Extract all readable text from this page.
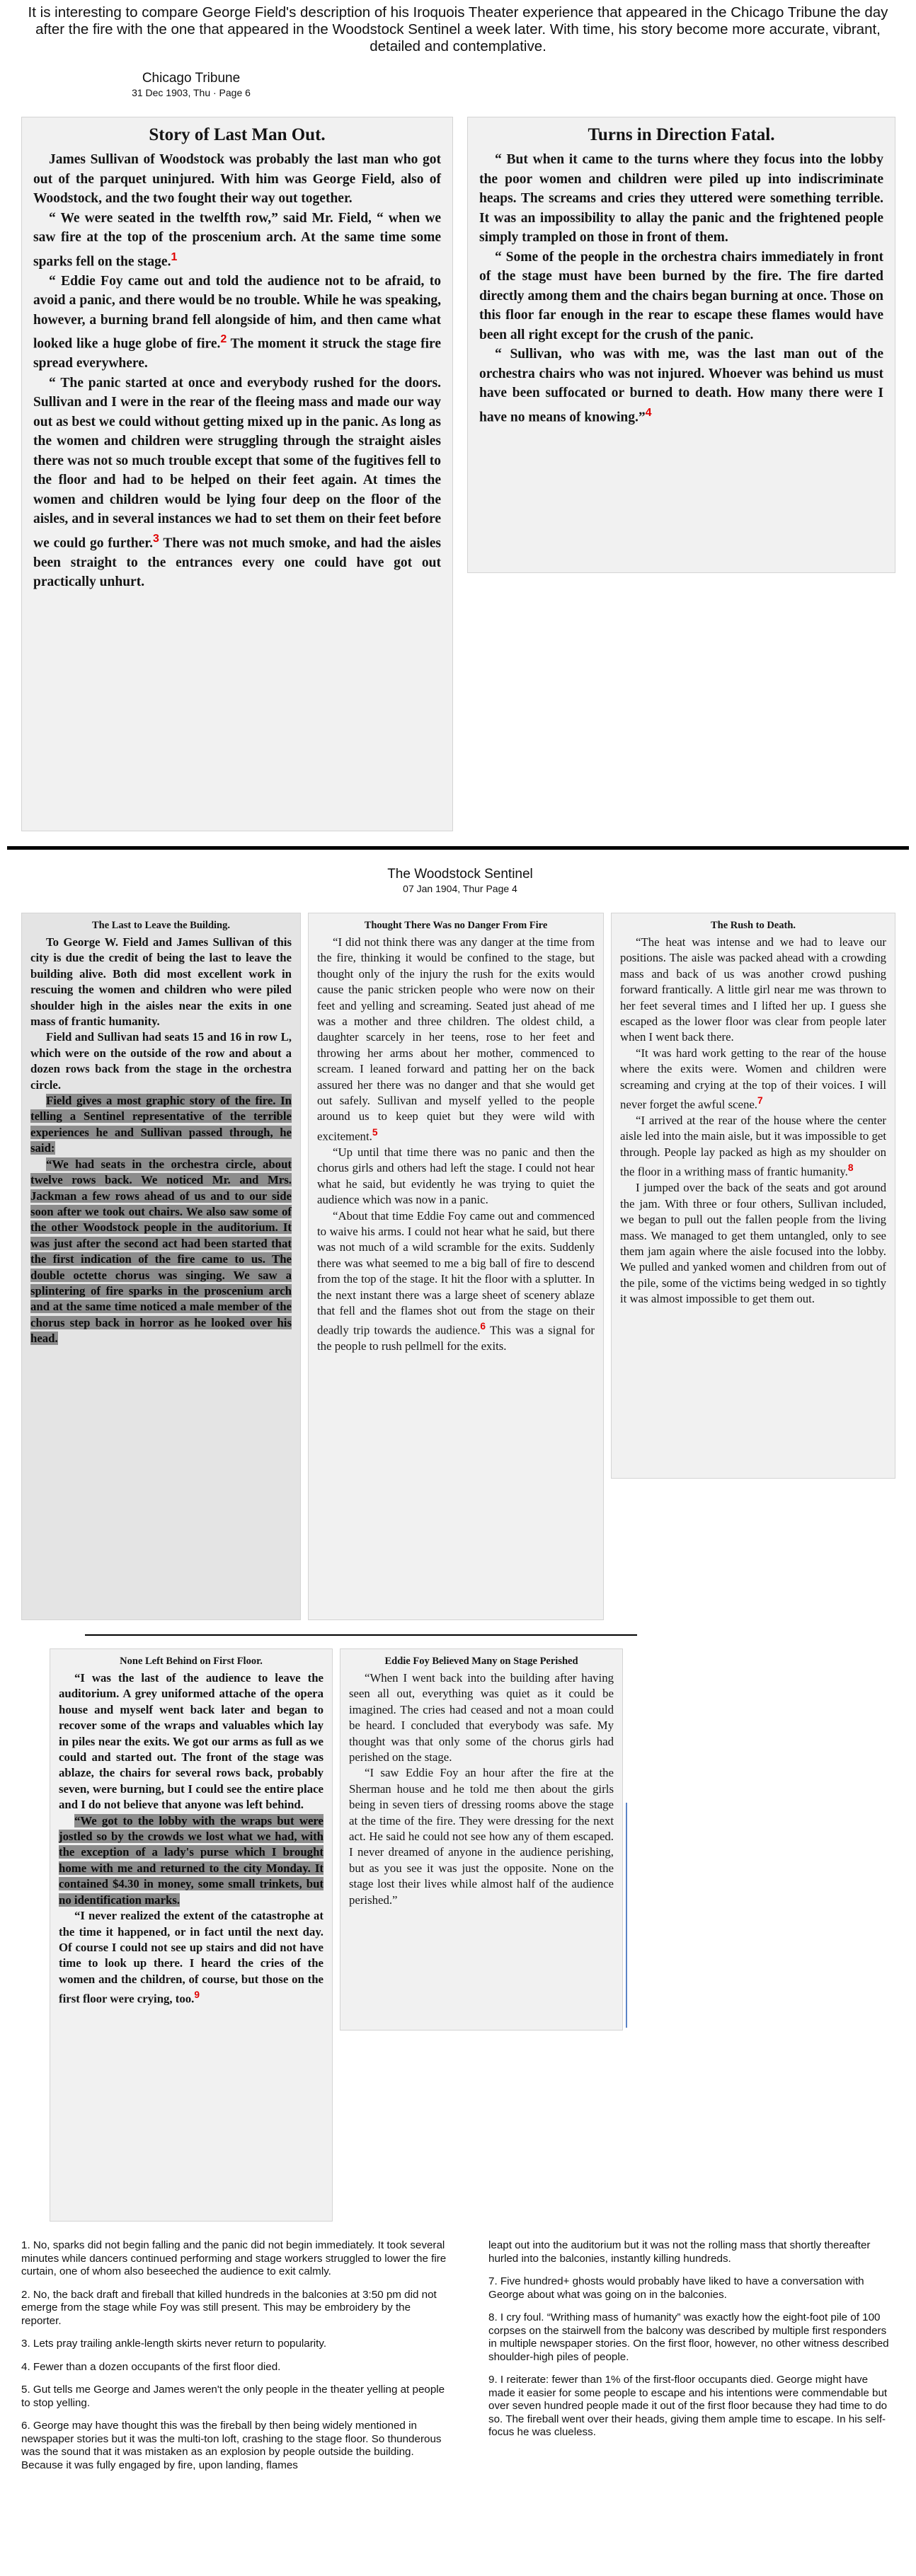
It is interesting to compare George Field's description of his Iroquois Theater experience that appeared in the Chicago Tribune the day after the fire with the one that appeared in the Woodstock Sentinel a week later. With time, his story become more accurate, vibrant, detailed and contemplative.
Chicago Tribune
31 Dec 1903, Thu · Page 6
Story of Last Man Out.

James Sullivan of Woodstock was probably the last man who got out of the parquet uninjured. With him was George Field, also of Woodstock, and the two fought their way out together.

“ We were seated in the twelfth row,” said Mr. Field, “ when we saw fire at the top of the proscenium arch. At the same time some sparks fell on the stage.$^1$

“ Eddie Foy came out and told the audience not to be afraid, to avoid a panic, and there would be no trouble. While he was speaking, however, a burning brand fell alongside of him, and then came what looked like a huge globe of fire.$^2$ The moment it struck the stage fire spread everywhere.

“ The panic started at once and everybody rushed for the doors. Sullivan and I were in the rear of the fleeing mass and made our way out as best we could without getting mixed up in the panic. As long as the women and children were struggling through the straight aisles there was not so much trouble except that some of the fugitives fell to the floor and had to be helped on their feet again. At times the women and children would be lying four deep on the floor of the aisles, and in several instances we had to set them on their feet before we could go further.$^3$ There was not much smoke, and had the aisles been straight to the entrances every one could have got out practically unhurt.

Turns in Direction Fatal.

“ But when it came to the turns where they focus into the lobby the poor women and children were piled up into indiscriminate heaps. The screams and cries they uttered were something terrible. It was an impossibility to allay the panic and the frightened people simply trampled on those in front of them.

“ Some of the people in the orchestra chairs immediately in front of the stage must have been burned by the fire. The fire darted directly among them and the chairs began burning at once. Those on this floor far enough in the rear to escape these flames would have been all right except for the crush of the panic.

“ Sullivan, who was with me, was the last man out of the orchestra chairs who was not injured. Whoever was behind us must have been suffocated or burned to death. How many there were I have no means of knowing.”$^4$

The Woodstock Sentinel
07 Jan 1904, Thur Page 4
The Last to Leave the Building.

To George W. Field and James Sullivan of this city is due the credit of being the last to leave the building alive. Both did most excellent work in rescuing the women and children who were piled shoulder high in the aisles near the exits in one mass of frantic humanity.

Field and Sullivan had seats 15 and 16 in row L, which were on the outside of the row and about a dozen rows back from the stage in the orchestra circle.

Field gives a most graphic story of the fire. In telling a Sentinel representative of the terrible experiences he and Sullivan passed through, he said:

“We had seats in the orchestra circle, about twelve rows back. We noticed Mr. and Mrs. Jackman a few rows ahead of us and to our side soon after we took out chairs. We also saw some of the other Woodstock people in the auditorium. It was just after the second act had been started that the first indication of the fire came to us. The double octette chorus was singing. We saw a splintering of fire sparks in the proscenium arch and at the same time noticed a male member of the chorus step back in horror as he looked over his head.

Thought There Was no Danger From Fire

“I did not think there was any danger at the time from the fire, thinking it would be confined to the stage, but thought only of the injury the rush for the exits would cause the panic stricken people who were now on their feet and yelling and screaming. Seated just ahead of me was a mother and three children. The oldest child, a daughter scarcely in her teens, rose to her feet and throwing her arms about her mother, commenced to scream. I leaned forward and patting her on the back assured her there was no danger and that she would get out safely. Sullivan and myself yelled to the people around us to keep quiet but they were wild with excitement.$^5$

“Up until that time there was no panic and then the chorus girls and others had left the stage. I could not hear what he said, but evidently he was trying to quiet the audience which was now in a panic.

“About that time Eddie Foy came out and commenced to waive his arms. I could not hear what he said, but there was not much of a wild scramble for the exits. Suddenly there was what seemed to me a big ball of fire to descend from the top of the stage. It hit the floor with a splutter. In the next instant there was a large sheet of scenery ablaze that fell and the flames shot out from the stage on their deadly trip towards the audience.$^6$ This was a signal for the people to rush pellmell for the exits.

The Rush to Death.

“The heat was intense and we had to leave our positions. The aisle was packed ahead with a crowding mass and back of us was another crowd pushing forward frantically. A little girl near me was thrown to her feet several times and I lifted her up. I guess she escaped as the lower floor was clear from people later when I went back there.

“It was hard work getting to the rear of the house where the exits were. Women and children were screaming and crying at the top of their voices. I will never forget the awful scene.$^7$

“I arrived at the rear of the house where the center aisle led into the main aisle, but it was impossible to get through. People lay packed as high as my shoulder on the floor in a writhing mass of frantic humanity.$^8$

I jumped over the back of the seats and got around the jam. With three or four others, Sullivan included, we began to pull out the fallen people from the living mass. We managed to get them untangled, only to see them jam again where the aisle focused into the lobby. We pulled and yanked women and children from out of the pile, some of the victims being wedged in so tightly it was almost impossible to get them out.

None Left Behind on First Floor.

“I was the last of the audience to leave the auditorium. A grey uniformed attache of the opera house and myself went back later and began to recover some of the wraps and valuables which lay in piles near the exits. We got our arms as full as we could and started out. The front of the stage was ablaze, the chairs for several rows back, probably seven, were burning, but I could see the entire place and I do not believe that anyone was left behind.

“We got to the lobby with the wraps but were jostled so by the crowds we lost what we had, with the exception of a lady's purse which I brought home with me and returned to the city Monday. It contained $4.30 in money, some small trinkets, but no identification marks.

“I never realized the extent of the catastrophe at the time it happened, or in fact until the next day. Of course I could not see up stairs and did not have time to look up there. I heard the cries of the women and the children, of course, but those on the first floor were crying, too.$^9$

Eddie Foy Believed Many on Stage Perished

“When I went back into the building after having seen all out, everything was quiet as it could be imagined. The cries had ceased and not a moan could be heard. I concluded that everybody was safe. My thought was that only some of the chorus girls had perished on the stage.

“I saw Eddie Foy an hour after the fire at the Sherman house and he told me then about the girls being in seven tiers of dressing rooms above the stage at the time of the fire. They were dressing for the next act. He said he could not see how any of them escaped. I never dreamed of anyone in the audience perishing, but as you see it was just the opposite. None on the stage lost their lives while almost half of the audience perished.”

1. No, sparks did not begin falling and the panic did not begin immediately. It took several minutes while dancers continued performing and stage workers struggled to lower the fire curtain, one of whom also beseeched the audience to exit calmly.
2. No, the back draft and fireball that killed hundreds in the balconies at 3:50 pm did not emerge from the stage while Foy was still present. This may be embroidery by the reporter.
3. Lets pray trailing ankle-length skirts never return to popularity.
4. Fewer than a dozen occupants of the first floor died.
5. Gut tells me George and James weren't the only people in the theater yelling at people to stop yelling.
6. George may have thought this was the fireball by then being widely mentioned in newspaper stories but it was the multi-ton loft, crashing to the stage floor. So thunderous was the sound that it was mistaken as an explosion by people outside the building. Because it was fully engaged by fire, upon landing, flames
leapt out into the auditorium but it was not the rolling mass that shortly thereafter hurled into the balconies, instantly killing hundreds.
7. Five hundred+ ghosts would probably have liked to have a conversation with George about what was going on in the balconies.
8. I cry foul. “Writhing mass of humanity” was exactly how the eight-foot pile of 100 corpses on the stairwell from the balcony was described by multiple first responders in multiple newspaper stories. On the first floor, however, no other witness described shoulder-high piles of people.
9. I reiterate: fewer than 1% of the first-floor occupants died. George might have made it easier for some people to escape and his intentions were commendable but over seven hundred people made it out of the first floor because they had time to do so. The fireball went over their heads, giving them ample time to escape. In his self-focus he was clueless.
